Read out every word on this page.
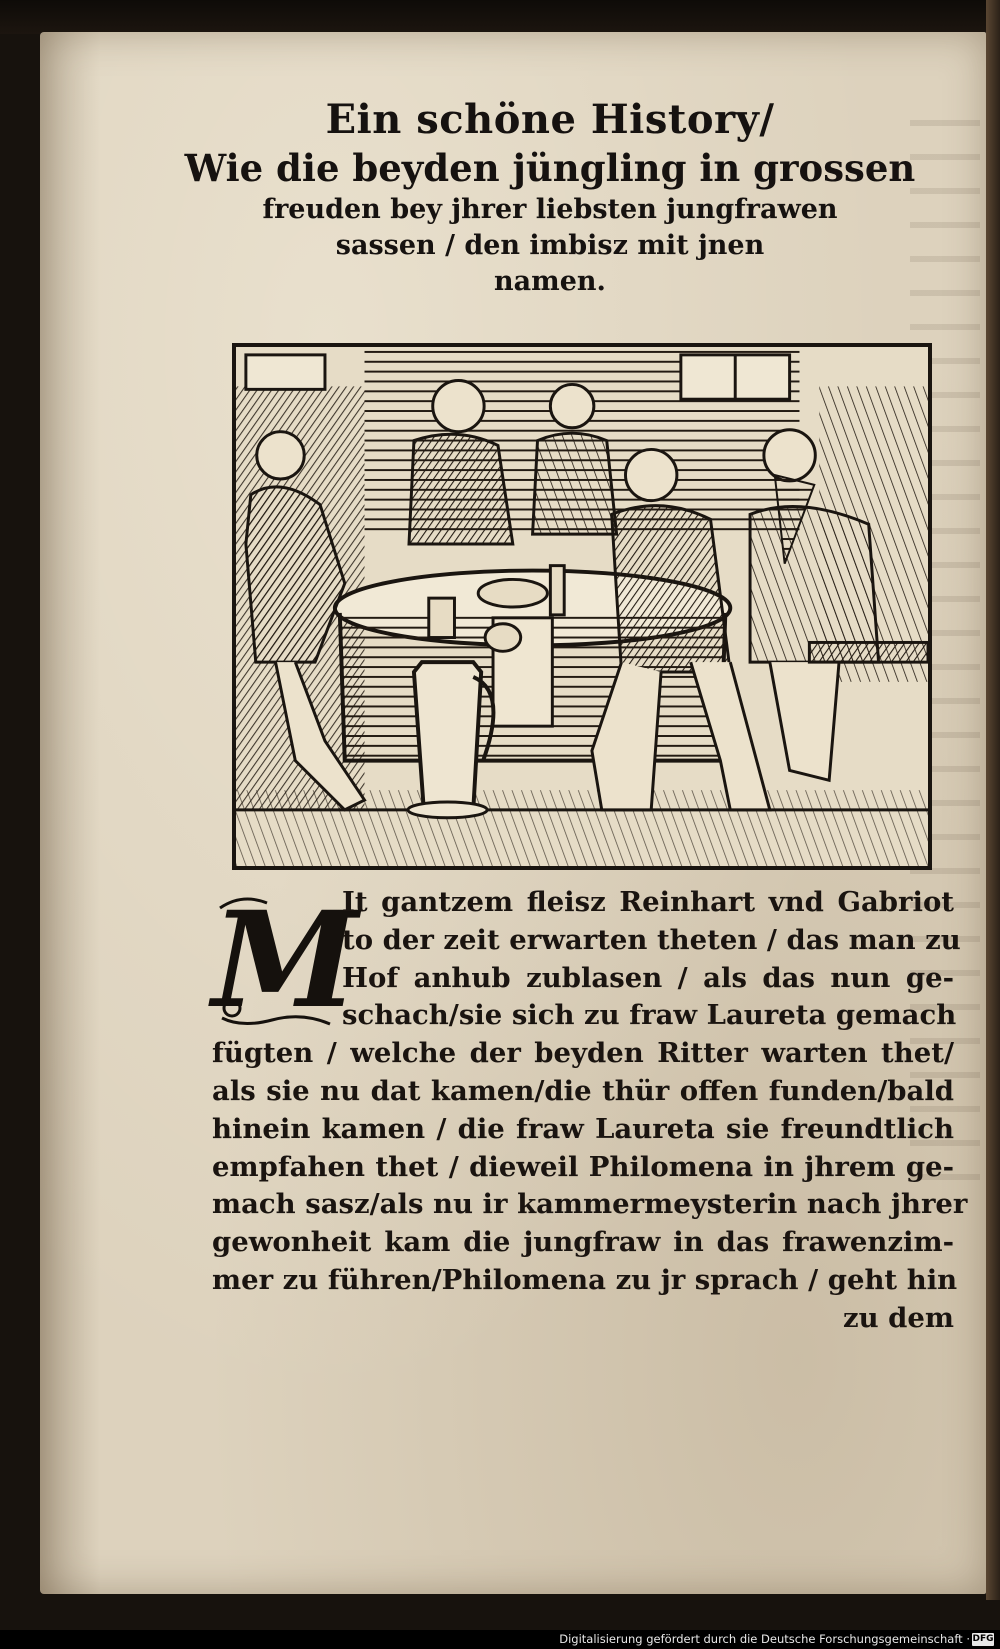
Ein schöne History/
Wie die beyden jüngling in grossen
freuden bey jhrer liebsten jungfrawen
sassen / den imbisz mit jnen
namen.
M
It gantzem fleisz Reinhart vnd Gabriot
to der zeit erwarten theten / das man zu
Hof anhub zublasen / als das nun ge-
schach/sie sich zu fraw Laureta gemach
fügten / welche der beyden Ritter warten thet/
als sie nu dat kamen/die thür offen funden/bald
hinein kamen / die fraw Laureta sie freundtlich
empfahen thet / dieweil Philomena in jhrem ge-
mach sasz/als nu ir kammermeysterin nach jhrer
gewonheit kam die jungfraw in das frawenzim-
mer zu führen/Philomena zu jr sprach / geht hin
zu dem
Digitalisierung gefördert durch die Deutsche Forschungsgemeinschaft · DFG
